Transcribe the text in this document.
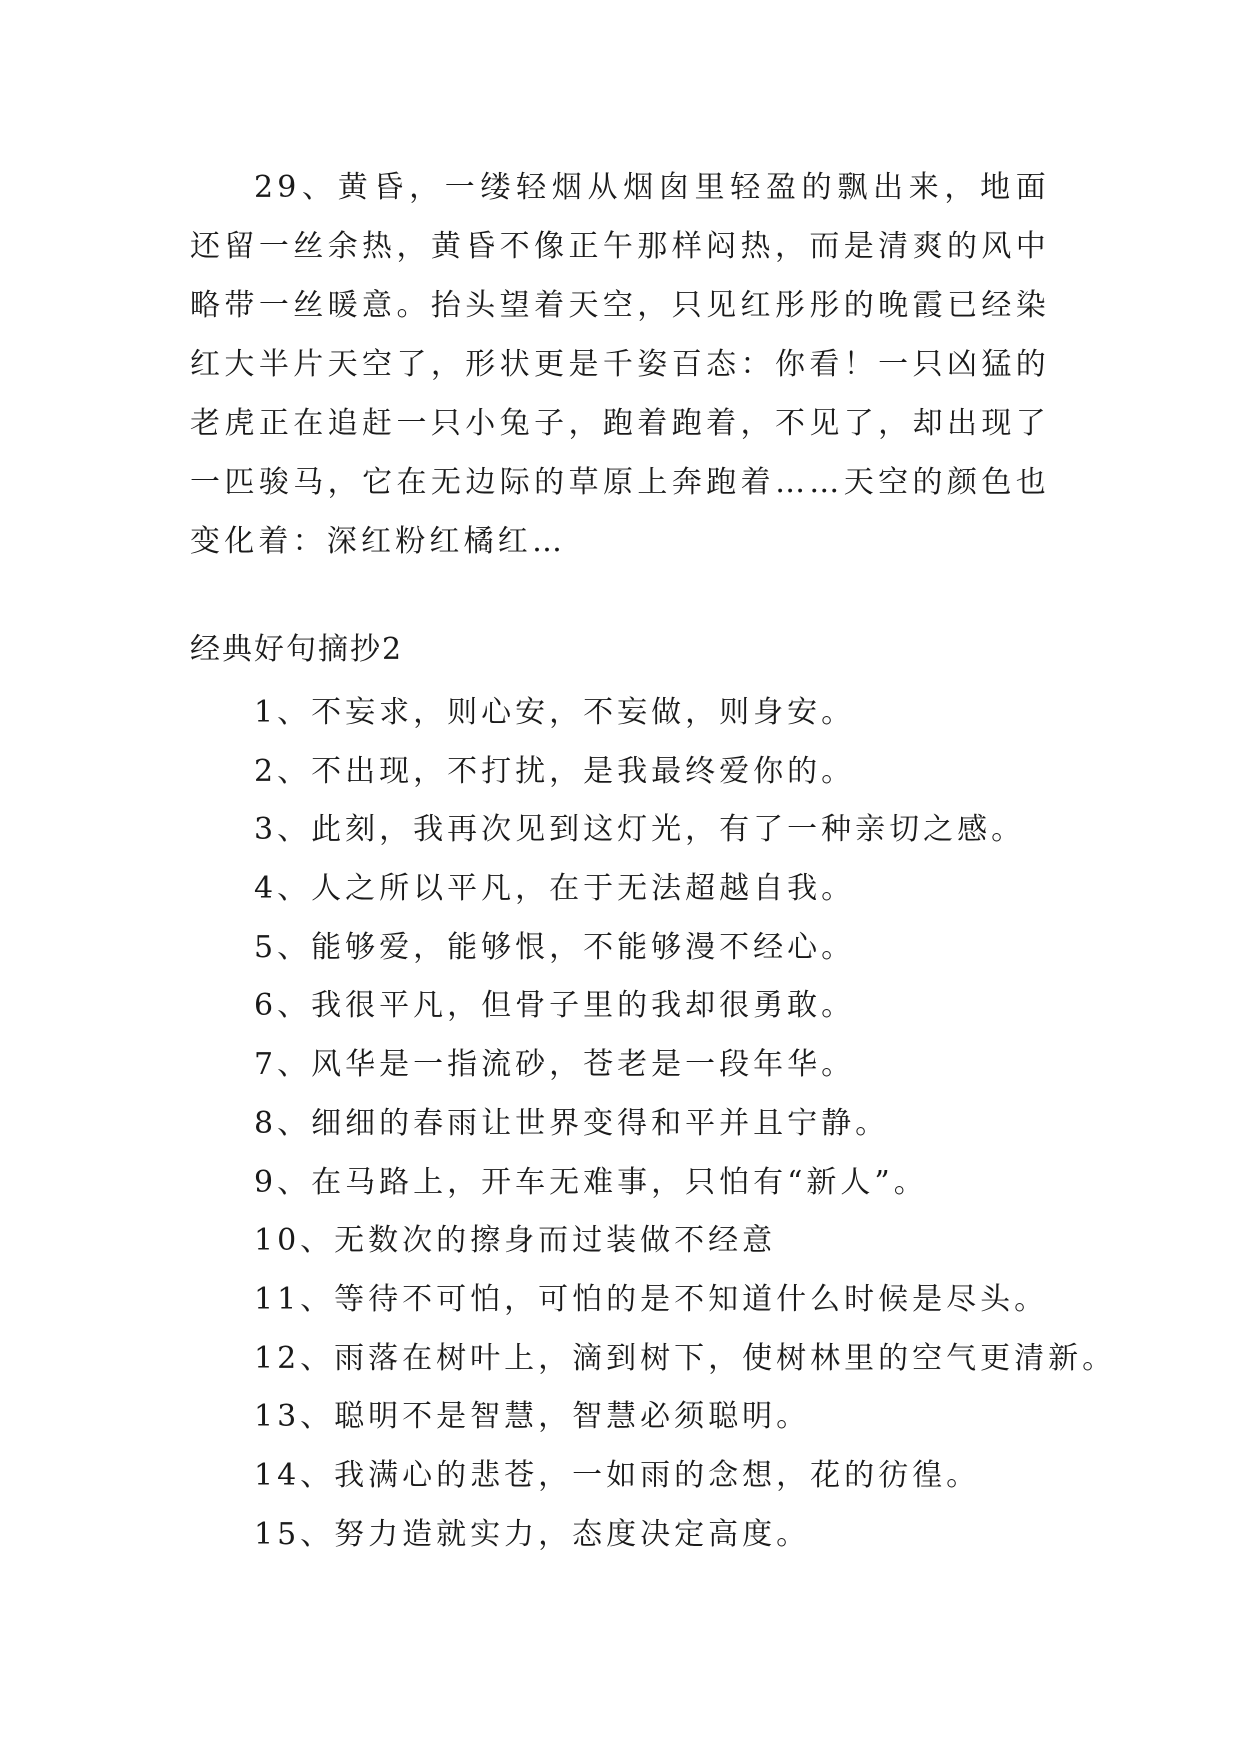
29、黄昏，一缕轻烟从烟囱里轻盈的飘出来，地面还留一丝余热，黄昏不像正午那样闷热，而是清爽的风中略带一丝暖意。抬头望着天空，只见红彤彤的晚霞已经染红大半片天空了，形状更是千姿百态：你看！一只凶猛的老虎正在追赶一只小兔子，跑着跑着，不见了，却出现了一匹骏马，它在无边际的草原上奔跑着……天空的颜色也变化着：深红粉红橘红…

经典好句摘抄2
1、不妄求，则心安，不妄做，则身安。
2、不出现，不打扰，是我最终爱你的。
3、此刻，我再次见到这灯光，有了一种亲切之感。
4、人之所以平凡，在于无法超越自我。
5、能够爱，能够恨，不能够漫不经心。
6、我很平凡，但骨子里的我却很勇敢。
7、风华是一指流砂，苍老是一段年华。
8、细细的春雨让世界变得和平并且宁静。
9、在马路上，开车无难事，只怕有“新人”。
10、无数次的擦身而过装做不经意
11、等待不可怕，可怕的是不知道什么时候是尽头。
12、雨落在树叶上，滴到树下，使树林里的空气更清新。
13、聪明不是智慧，智慧必须聪明。
14、我满心的悲苍，一如雨的念想，花的彷徨。
15、努力造就实力，态度决定高度。
